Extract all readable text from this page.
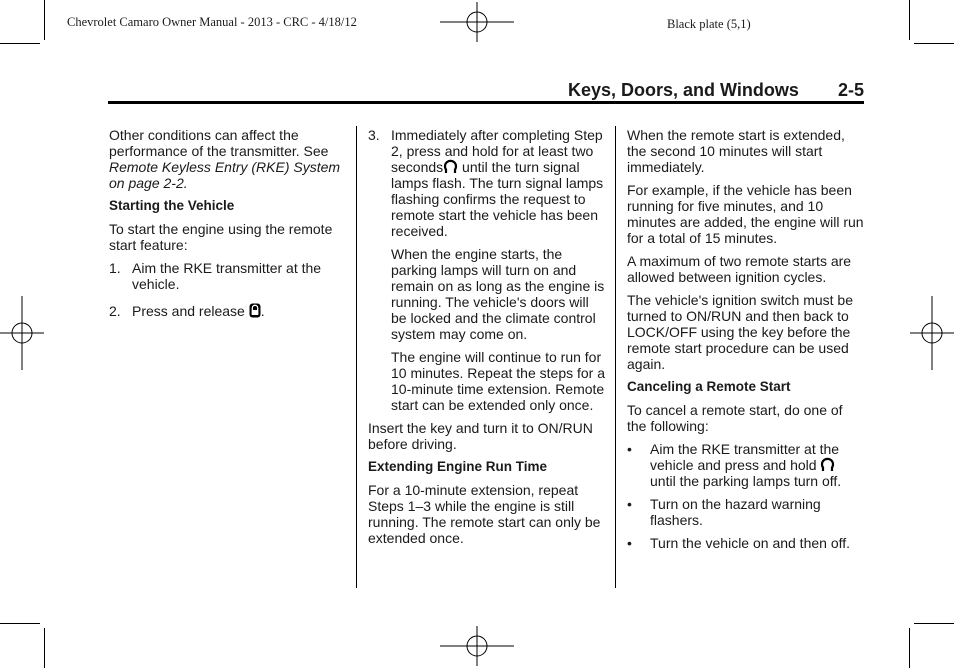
Chevrolet Camaro Owner Manual - 2013 - CRC - 4/18/12	Black plate (5,1)
Keys, Doors, and Windows 2-5

Other conditions can affect the performance of the transmitter. See Remote Keyless Entry (RKE) System on page 2-2.

Starting the Vehicle

To start the engine using the remote start feature:

1. Aim the RKE transmitter at the vehicle.
2. Press and release .
3. Immediately after completing Step 2, press and hold for at least two seconds until the turn signal lamps flash. The turn signal lamps flashing confirms the request to remote start the vehicle has been received.

When the engine starts, the parking lamps will turn on and remain on as long as the engine is running. The vehicle's doors will be locked and the climate control system may come on.

The engine will continue to run for 10 minutes. Repeat the steps for a 10-minute time extension. Remote start can be extended only once.

Insert the key and turn it to ON/RUN before driving.

Extending Engine Run Time

For a 10-minute extension, repeat Steps 1–3 while the engine is still running. The remote start can only be extended once.

When the remote start is extended, the second 10 minutes will start immediately.

For example, if the vehicle has been running for five minutes, and 10 minutes are added, the engine will run for a total of 15 minutes.

A maximum of two remote starts are allowed between ignition cycles.

The vehicle's ignition switch must be turned to ON/RUN and then back to LOCK/OFF using the key before the remote start procedure can be used again.

Canceling a Remote Start

To cancel a remote start, do one of the following:

• Aim the RKE transmitter at the vehicle and press and hold  until the parking lamps turn off.
• Turn on the hazard warning flashers.
• Turn the vehicle on and then off.
